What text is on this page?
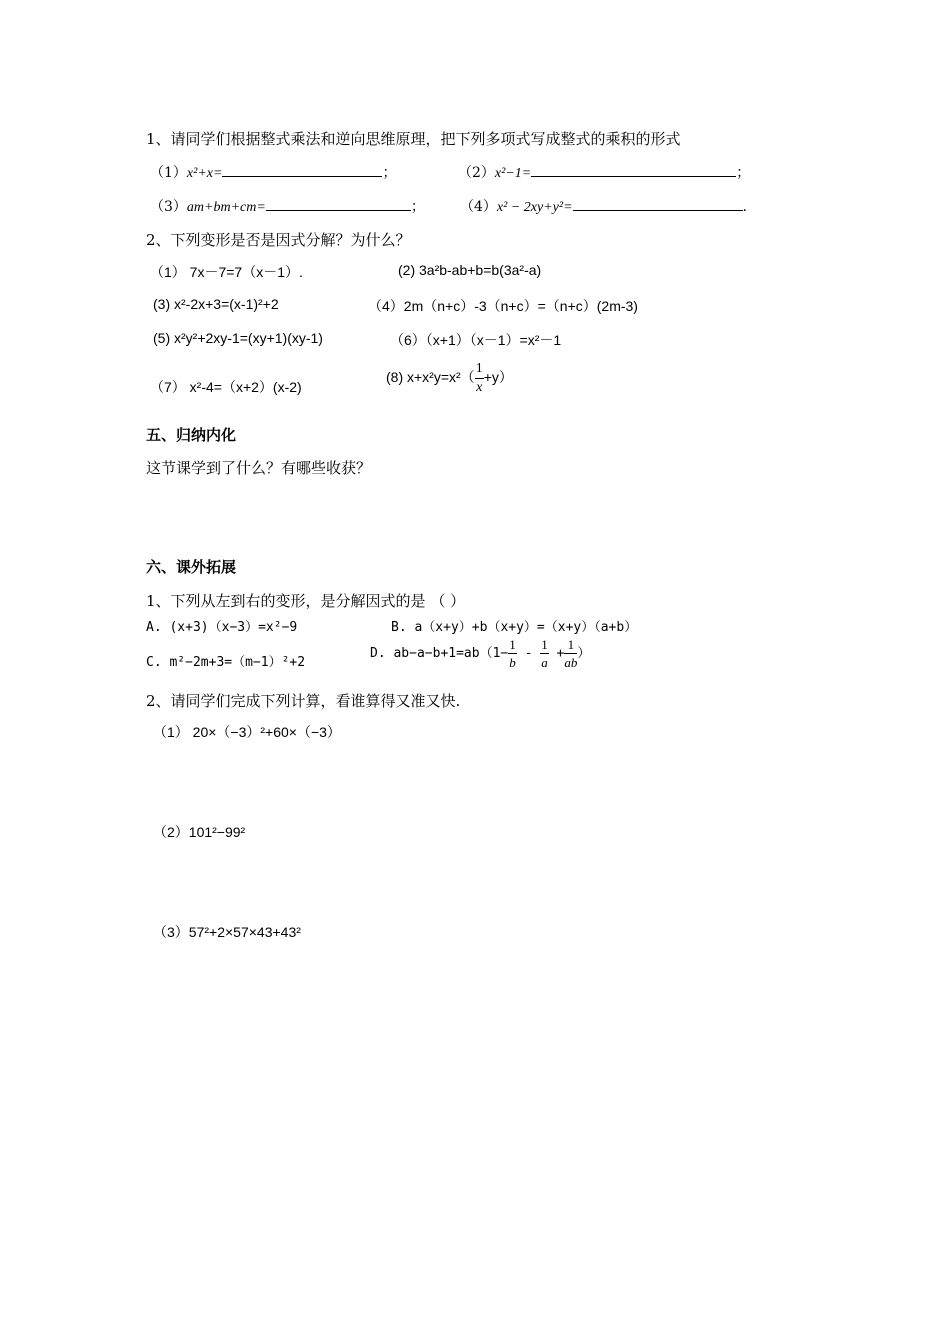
1、请同学们根据整式乘法和逆向思维原理，把下列多项式写成整式的乘积的形式
（1）x²+x=	；	（2）x²−1=	；
（3）am+bm+cm=	；	（4）x² − 2xy+y²=	.
2、下列变形是否是因式分解？为什么？
（1） 7x－7=7（x－1）.	(2) 3a²b-ab+b=b(3a²-a)
(3) x²-2x+3=(x-1)²+2	（4）2m（n+c）-3（n+c）=（n+c）(2m-3)
(5) x²y²+2xy-1=(xy+1)(xy-1)	（6）（x+1）（x－1）=x²－1
（7） x²-4=（x+2）(x-2)
(8) $x+x^2y=x^2( \frac{1}{x} +y)$
五、归纳内化
这节课学到了什么？有哪些收获？
六、课外拓展
1、下列从左到右的变形，是分解因式的是 （ ）
A. (x+3)（x−3）=x²−9	B. a（x+y）+b（x+y）=（x+y）（a+b）
C. m²−2m+3=（m−1）²+2
D. $ab-a-b+1=ab(1- \frac{1}{b} - \frac{1}{a} + \frac{1}{ab}$ ）
2、请同学们完成下列计算，看谁算得又准又快.
（1） 20×（−3）²+60×（−3）
（2）101²−99²
（3）57²+2×57×43+43²
